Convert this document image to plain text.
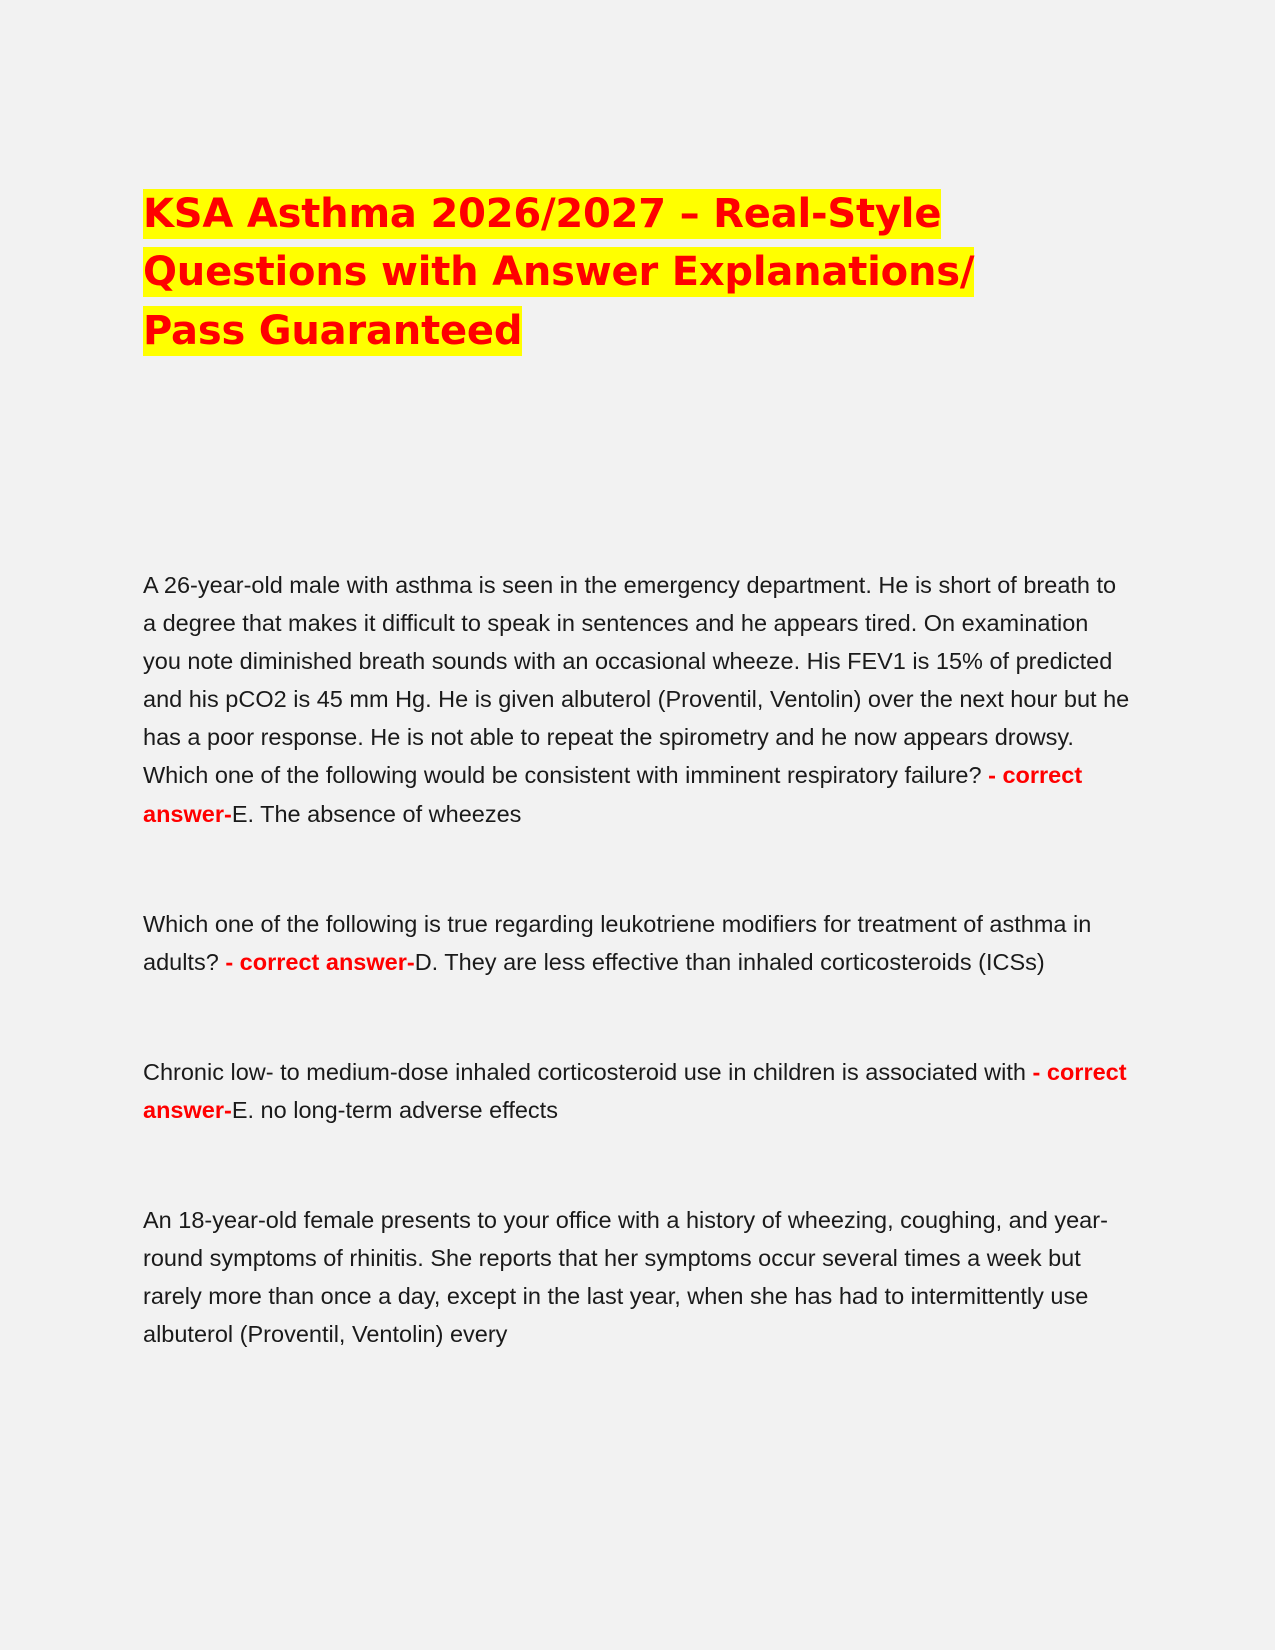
KSA Asthma 2026/2027 – Real-Style
Questions with Answer Explanations/
Pass Guaranteed

A 26-year-old male with asthma is seen in the emergency department. He is short of breath to a degree that makes it difficult to speak in sentences and he appears tired. On examination you note diminished breath sounds with an occasional wheeze. His FEV1 is 15% of predicted and his pCO2 is 45 mm Hg. He is given albuterol (Proventil, Ventolin) over the next hour but he has a poor response. He is not able to repeat the spirometry and he now appears drowsy. Which one of the following would be consistent with imminent respiratory failure? - correct answer-E. The absence of wheezes

Which one of the following is true regarding leukotriene modifiers for treatment of asthma in adults? - correct answer-D. They are less effective than inhaled corticosteroids (ICSs)

Chronic low- to medium-dose inhaled corticosteroid use in children is associated with - correct answer-E. no long-term adverse effects

An 18-year-old female presents to your office with a history of wheezing, coughing, and year-round symptoms of rhinitis. She reports that her symptoms occur several times a week but rarely more than once a day, except in the last year, when she has had to intermittently use albuterol (Proventil, Ventolin) every
